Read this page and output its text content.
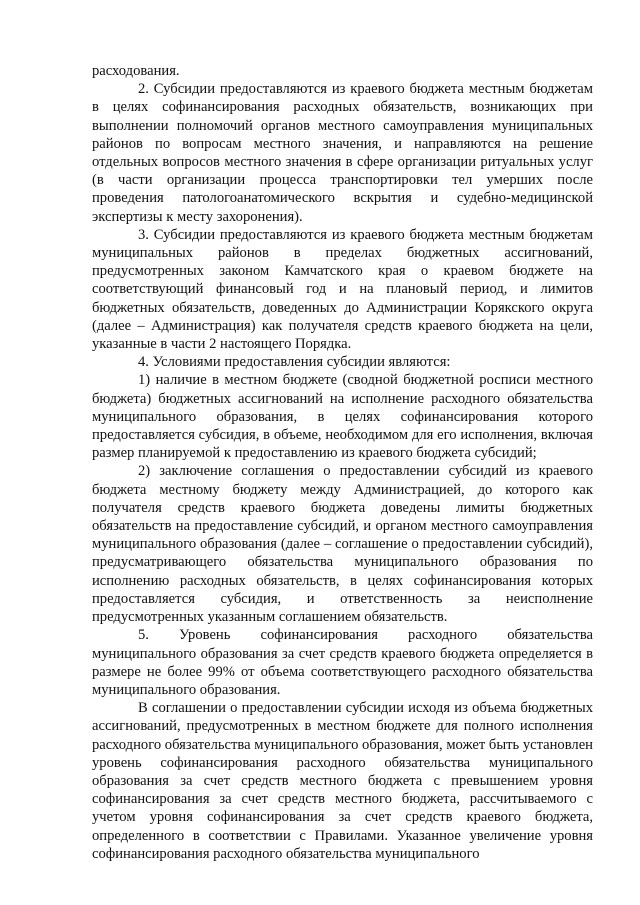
расходования.

2. Субсидии предоставляются из краевого бюджета местным бюджетам в целях софинансирования расходных обязательств, возникающих при выполнении полномочий органов местного самоуправления муниципальных районов по вопросам местного значения, и направляются на решение отдельных вопросов местного значения в сфере организации ритуальных услуг (в части организации процесса транспортировки тел умерших после проведения патологоанатомического вскрытия и судебно-медицинской экспертизы к месту захоронения).

3. Субсидии предоставляются из краевого бюджета местным бюджетам муниципальных районов в пределах бюджетных ассигнований, предусмотренных законом Камчатского края о краевом бюджете на соответствующий финансовый год и на плановый период, и лимитов бюджетных обязательств, доведенных до Администрации Корякского округа (далее – Администрация) как получателя средств краевого бюджета на цели, указанные в части 2 настоящего Порядка.

4. Условиями предоставления субсидии являются:

1) наличие в местном бюджете (сводной бюджетной росписи местного бюджета) бюджетных ассигнований на исполнение расходного обязательства муниципального образования, в целях софинансирования которого предоставляется субсидия, в объеме, необходимом для его исполнения, включая размер планируемой к предоставлению из краевого бюджета субсидий;

2) заключение соглашения о предоставлении субсидий из краевого бюджета местному бюджету между Администрацией, до которого как получателя средств краевого бюджета доведены лимиты бюджетных обязательств на предоставление субсидий, и органом местного самоуправления муниципального образования (далее – соглашение о предоставлении субсидий), предусматривающего обязательства муниципального образования по исполнению расходных обязательств, в целях софинансирования которых предоставляется субсидия, и ответственность за неисполнение предусмотренных указанным соглашением обязательств.

5. Уровень софинансирования расходного обязательства муниципального образования за счет средств краевого бюджета определяется в размере не более 99% от объема соответствующего расходного обязательства муниципального образования.

В соглашении о предоставлении субсидии исходя из объема бюджетных ассигнований, предусмотренных в местном бюджете для полного исполнения расходного обязательства муниципального образования, может быть установлен уровень софинансирования расходного обязательства муниципального образования за счет средств местного бюджета с превышением уровня софинансирования за счет средств местного бюджета, рассчитываемого с учетом уровня софинансирования за счет средств краевого бюджета, определенного в соответствии с Правилами. Указанное увеличение уровня софинансирования расходного обязательства муниципального
